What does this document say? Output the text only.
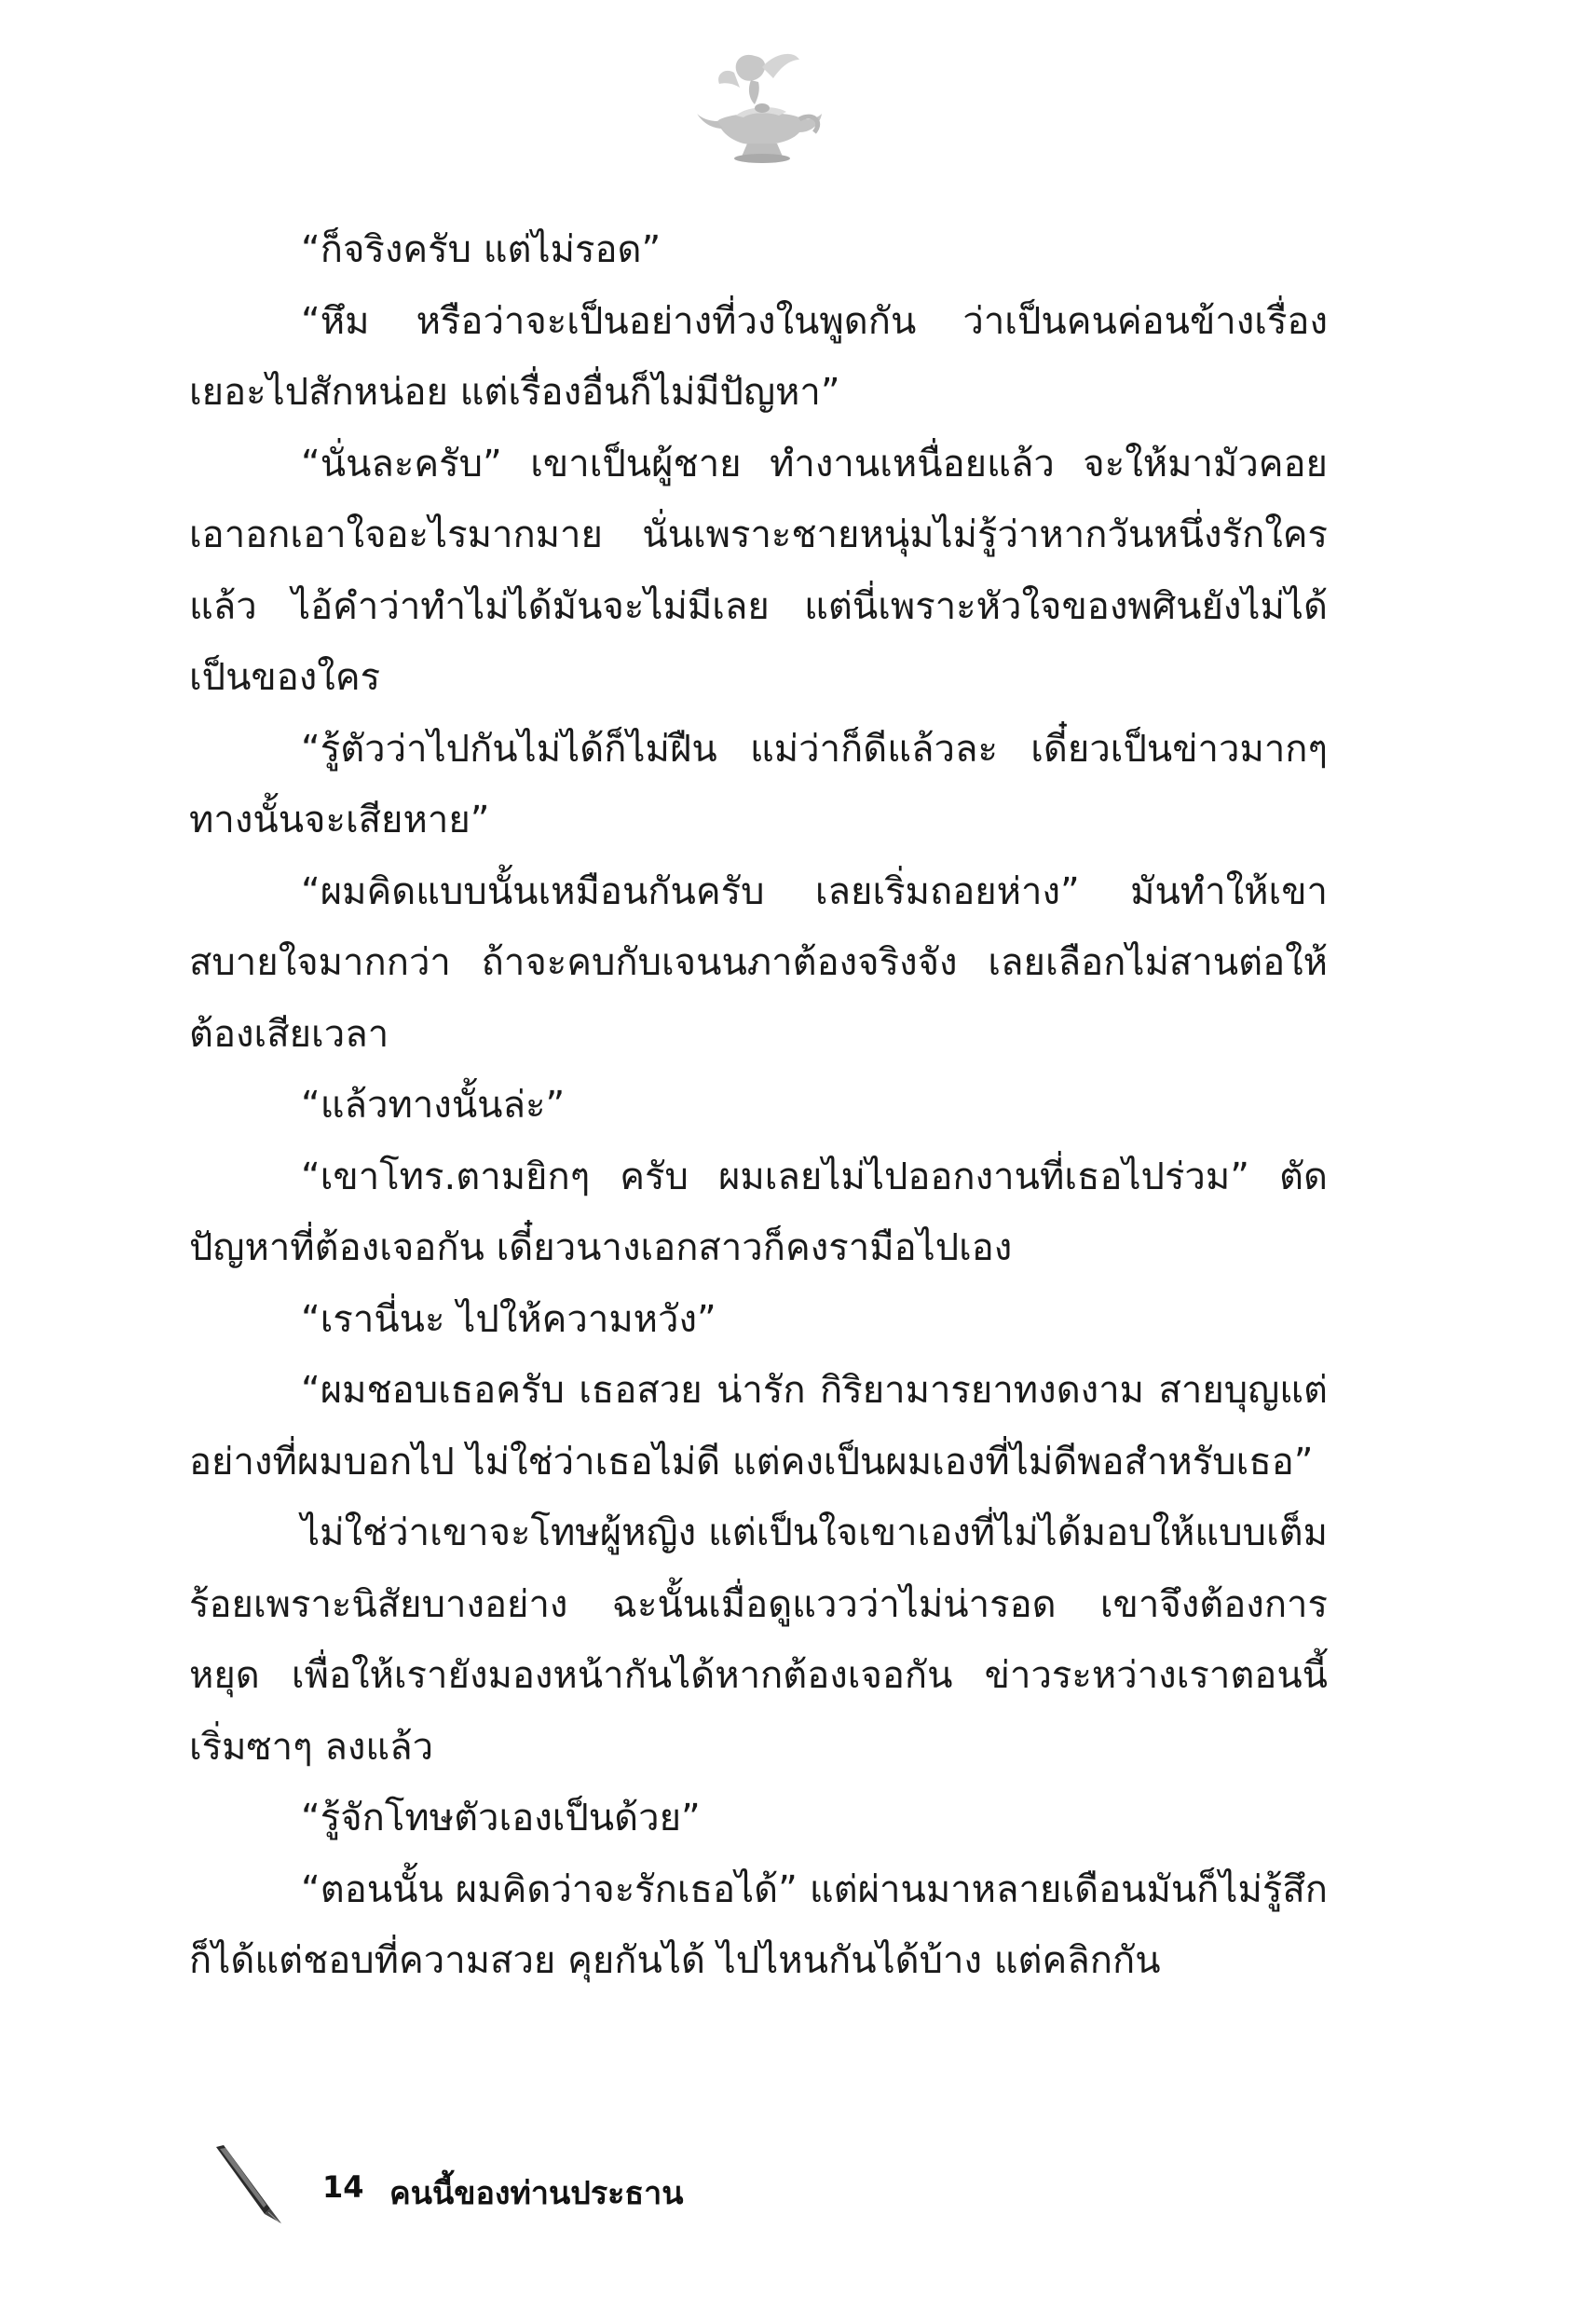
“ก็จริงครับ แต่ไม่รอด”

“หึม หรือว่าจะเป็นอย่างที่วงในพูดกัน ว่าเป็นคนค่อนข้างเรื่องเยอะไปสักหน่อย แต่เรื่องอื่นก็ไม่มีปัญหา”

“นั่นละครับ” เขาเป็นผู้ชาย ทำงานเหนื่อยแล้ว จะให้มามัวคอยเอาอกเอาใจอะไรมากมาย นั่นเพราะชายหนุ่มไม่รู้ว่าหากวันหนึ่งรักใครแล้ว ไอ้คำว่าทำไม่ได้มันจะไม่มีเลย แต่นี่เพราะหัวใจของพศินยังไม่ได้เป็นของใคร

“รู้ตัวว่าไปกันไม่ได้ก็ไม่ฝืน แม่ว่าก็ดีแล้วละ เดี๋ยวเป็นข่าวมากๆทางนั้นจะเสียหาย”

“ผมคิดแบบนั้นเหมือนกันครับ เลยเริ่มถอยห่าง” มันทำให้เขาสบายใจมากกว่า ถ้าจะคบกับเจนนภาต้องจริงจัง เลยเลือกไม่สานต่อให้ต้องเสียเวลา

“แล้วทางนั้นล่ะ”

“เขาโทร.ตามยิกๆ ครับ ผมเลยไม่ไปออกงานที่เธอไปร่วม” ตัดปัญหาที่ต้องเจอกัน เดี๋ยวนางเอกสาวก็คงรามือไปเอง

“เรานี่นะ ไปให้ความหวัง”

“ผมชอบเธอครับ เธอสวย น่ารัก กิริยามารยาทงดงาม สายบุญแต่อย่างที่ผมบอกไป ไม่ใช่ว่าเธอไม่ดี แต่คงเป็นผมเองที่ไม่ดีพอสำหรับเธอ”

ไม่ใช่ว่าเขาจะโทษผู้หญิง แต่เป็นใจเขาเองที่ไม่ได้มอบให้แบบเต็มร้อยเพราะนิสัยบางอย่าง ฉะนั้นเมื่อดูแววว่าไม่น่ารอด เขาจึงต้องการหยุด เพื่อให้เรายังมองหน้ากันได้หากต้องเจอกัน ข่าวระหว่างเราตอนนี้เริ่มซาๆ ลงแล้ว

“รู้จักโทษตัวเองเป็นด้วย”

“ตอนนั้น ผมคิดว่าจะรักเธอได้” แต่ผ่านมาหลายเดือนมันก็ไม่รู้สึก ก็ได้แต่ชอบที่ความสวย คุยกันได้ ไปไหนกันได้บ้าง แต่คลิกกัน

14 คนนี้ของท่านประธาน
